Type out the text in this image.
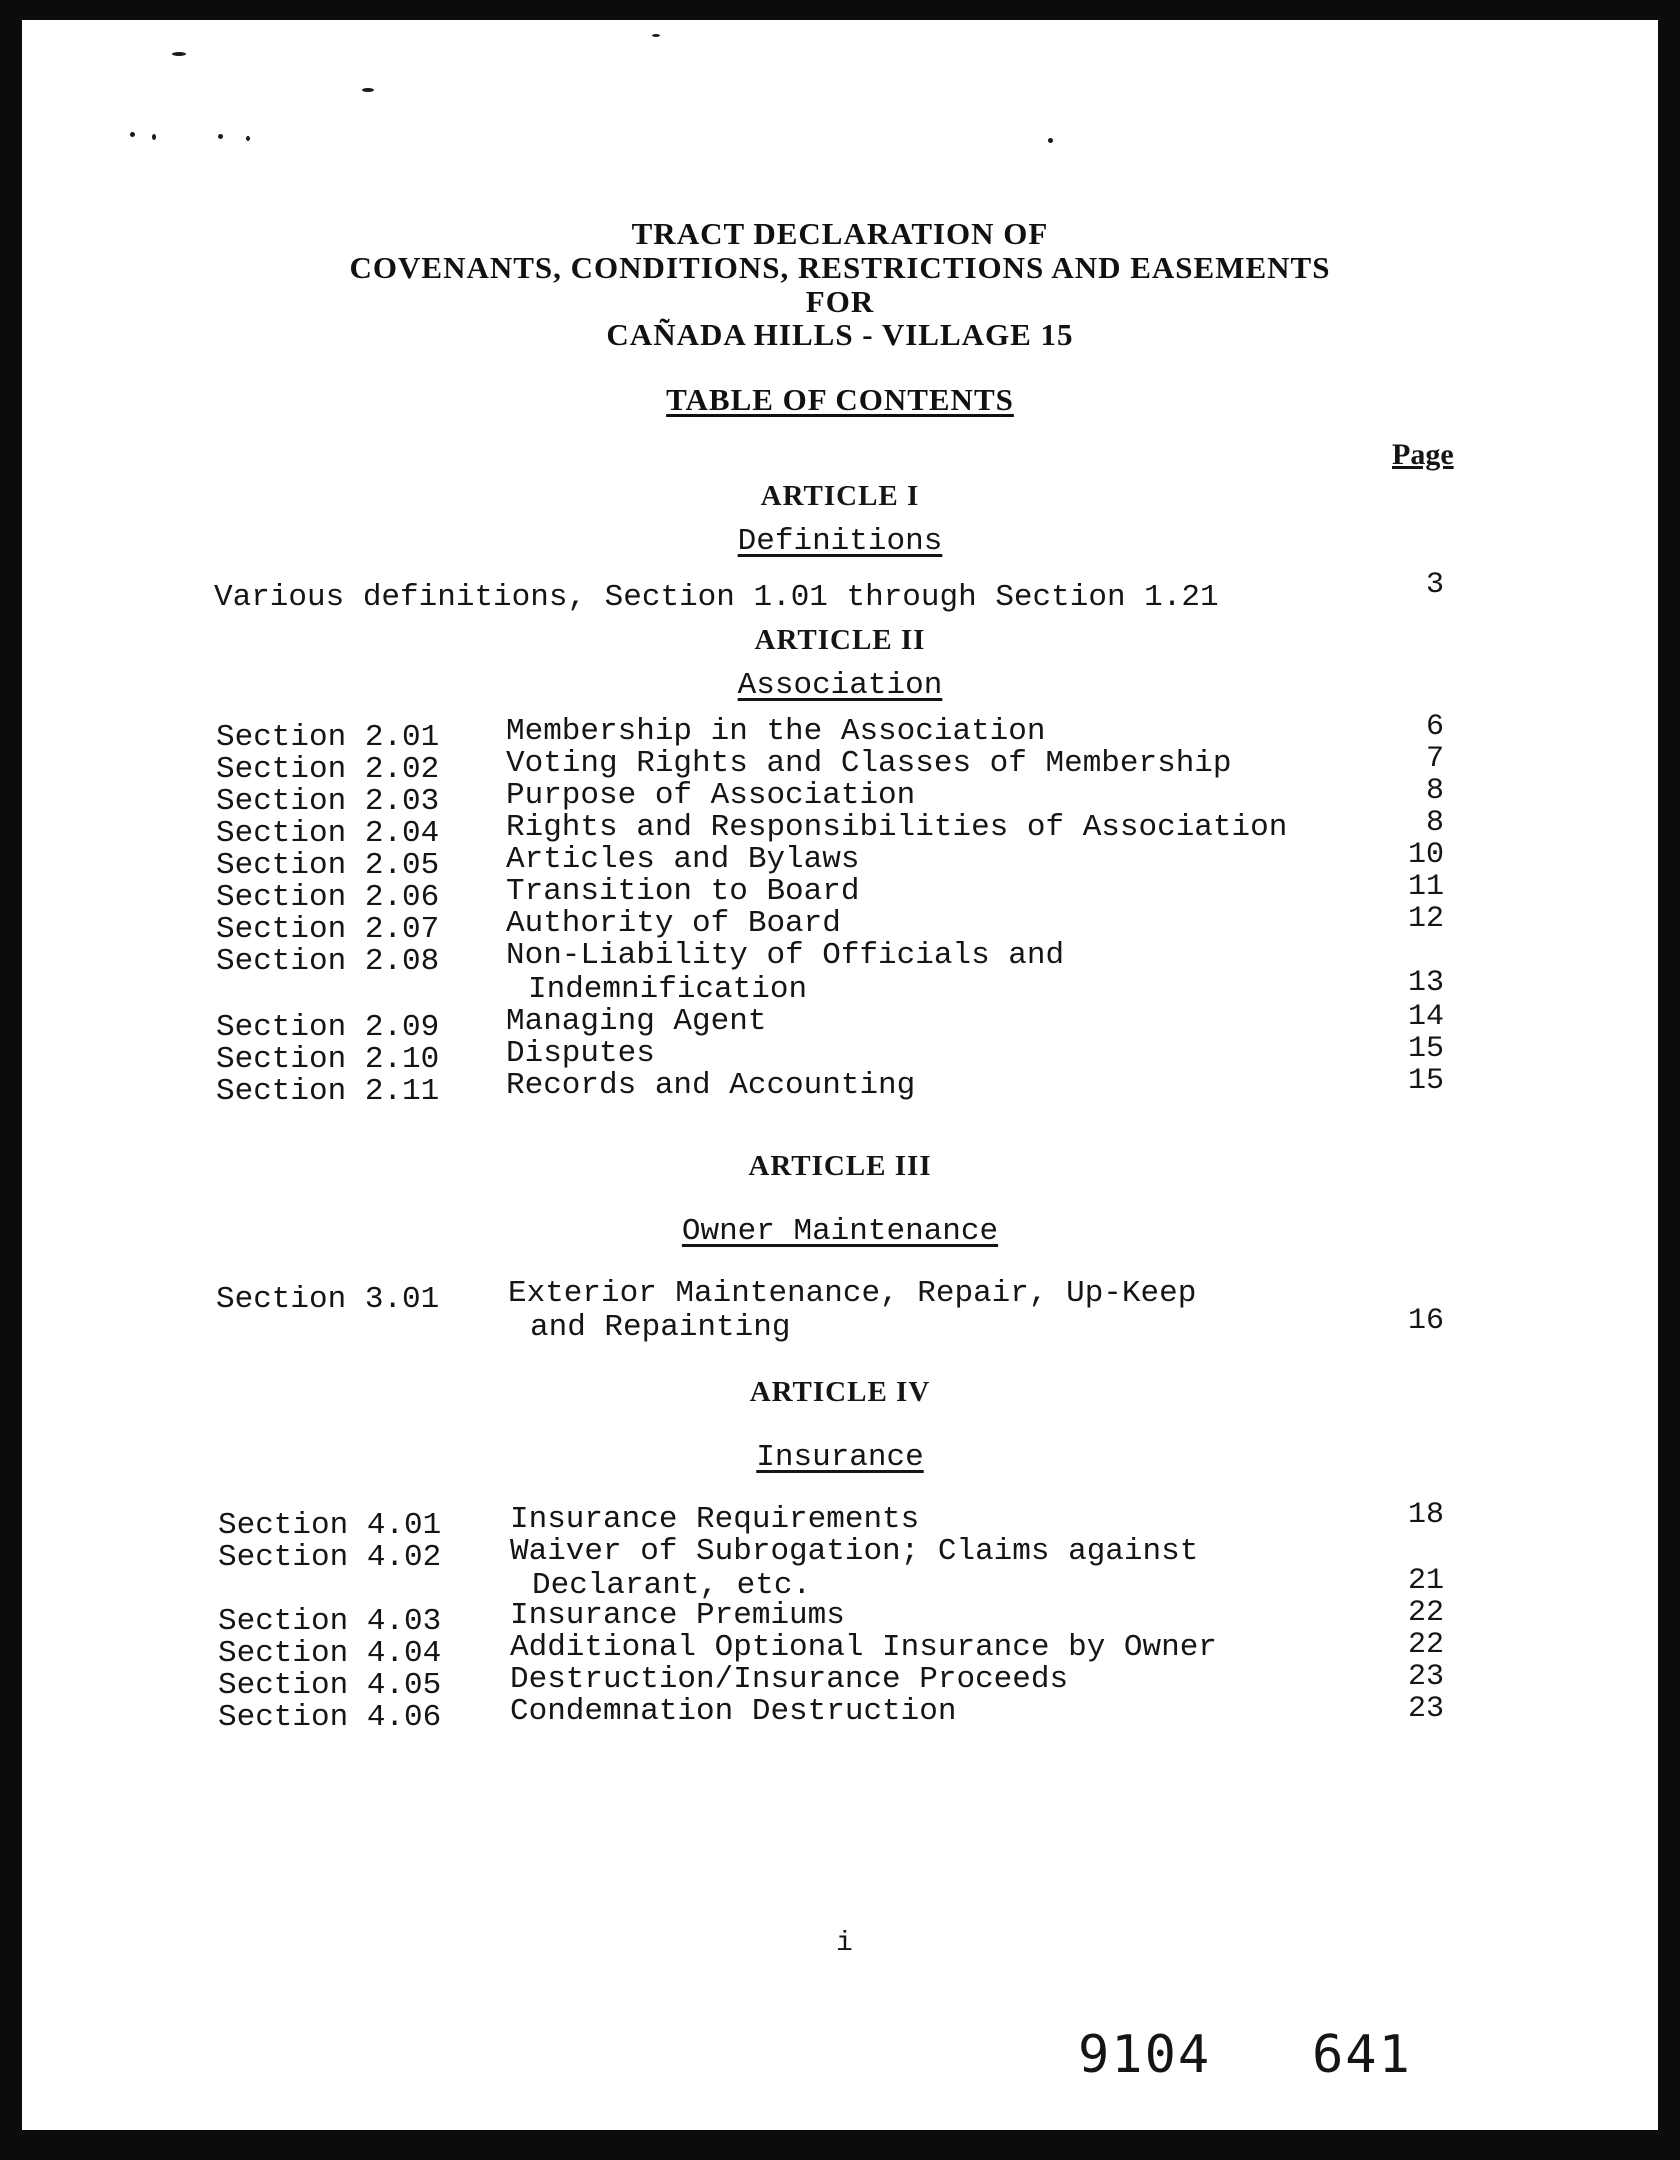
TRACT DECLARATION OF
COVENANTS, CONDITIONS, RESTRICTIONS AND EASEMENTS
FOR
CAÑADA HILLS - VILLAGE 15
TABLE OF CONTENTS
Page
ARTICLE I
Definitions
Various definitions, Section 1.01 through Section 1.21	3
ARTICLE II
Association
Section 2.01 Membership in the Association	6
Section 2.02 Voting Rights and Classes of Membership	7
Section 2.03 Purpose of Association	8
Section 2.04 Rights and Responsibilities of Association	8
Section 2.05 Articles and Bylaws	10
Section 2.06 Transition to Board	11
Section 2.07 Authority of Board	12
Section 2.08 Non-Liability of Officials and
Indemnification	13
Section 2.09 Managing Agent	14
Section 2.10 Disputes	15
Section 2.11 Records and Accounting	15
ARTICLE III
Owner Maintenance
Section 3.01 Exterior Maintenance, Repair, Up-Keep
and Repainting	16
ARTICLE IV
Insurance
Section 4.01 Insurance Requirements	18
Section 4.02 Waiver of Subrogation; Claims against
Declarant, etc.	21
Section 4.03 Insurance Premiums	22
Section 4.04 Additional Optional Insurance by Owner	22
Section 4.05 Destruction/Insurance Proceeds	23
Section 4.06 Condemnation Destruction	23
i
9104 641
